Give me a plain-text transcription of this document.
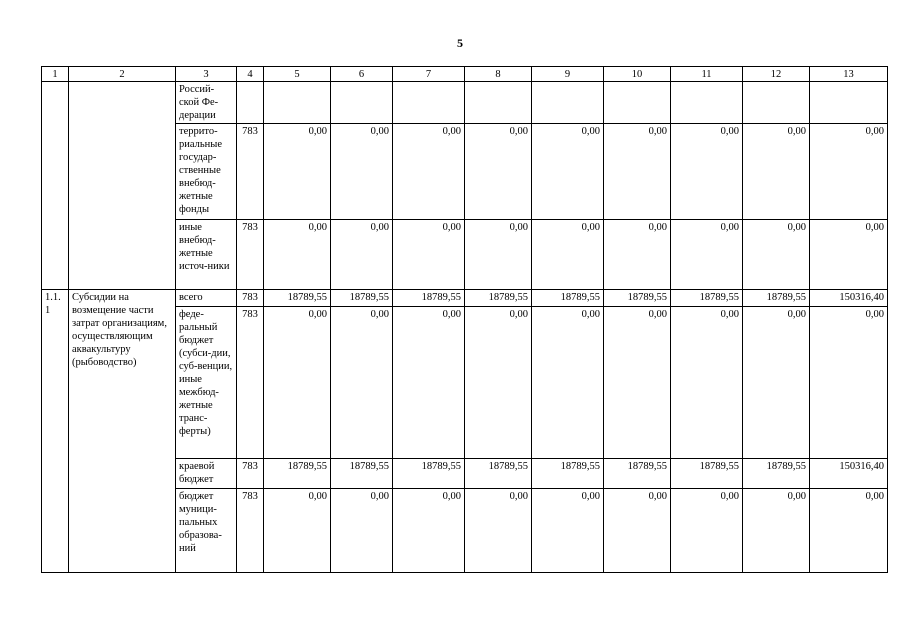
5
1	2	3	4	5	6	7	8	9	10	11	12	13
		Россий-ской Фе-дерации										
		террито-риальные государ-ственные внебюд-жетные фонды	783	0,00	0,00	0,00	0,00	0,00	0,00	0,00	0,00	0,00
		иные внебюд-жетные источ-ники	783	0,00	0,00	0,00	0,00	0,00	0,00	0,00	0,00	0,00
1.1.1	Субсидии на возмещение части затрат организациям, осуществляющим аквакультуру (рыбоводство)	всего	783	18789,55	18789,55	18789,55	18789,55	18789,55	18789,55	18789,55	18789,55	150316,40
		феде-ральный бюджет (субси-дии, суб-венции, иные межбюд-жетные транс-ферты)	783	0,00	0,00	0,00	0,00	0,00	0,00	0,00	0,00	0,00
		краевой бюджет	783	18789,55	18789,55	18789,55	18789,55	18789,55	18789,55	18789,55	18789,55	150316,40
		бюджет муници-пальных образова-ний	783	0,00	0,00	0,00	0,00	0,00	0,00	0,00	0,00	0,00
